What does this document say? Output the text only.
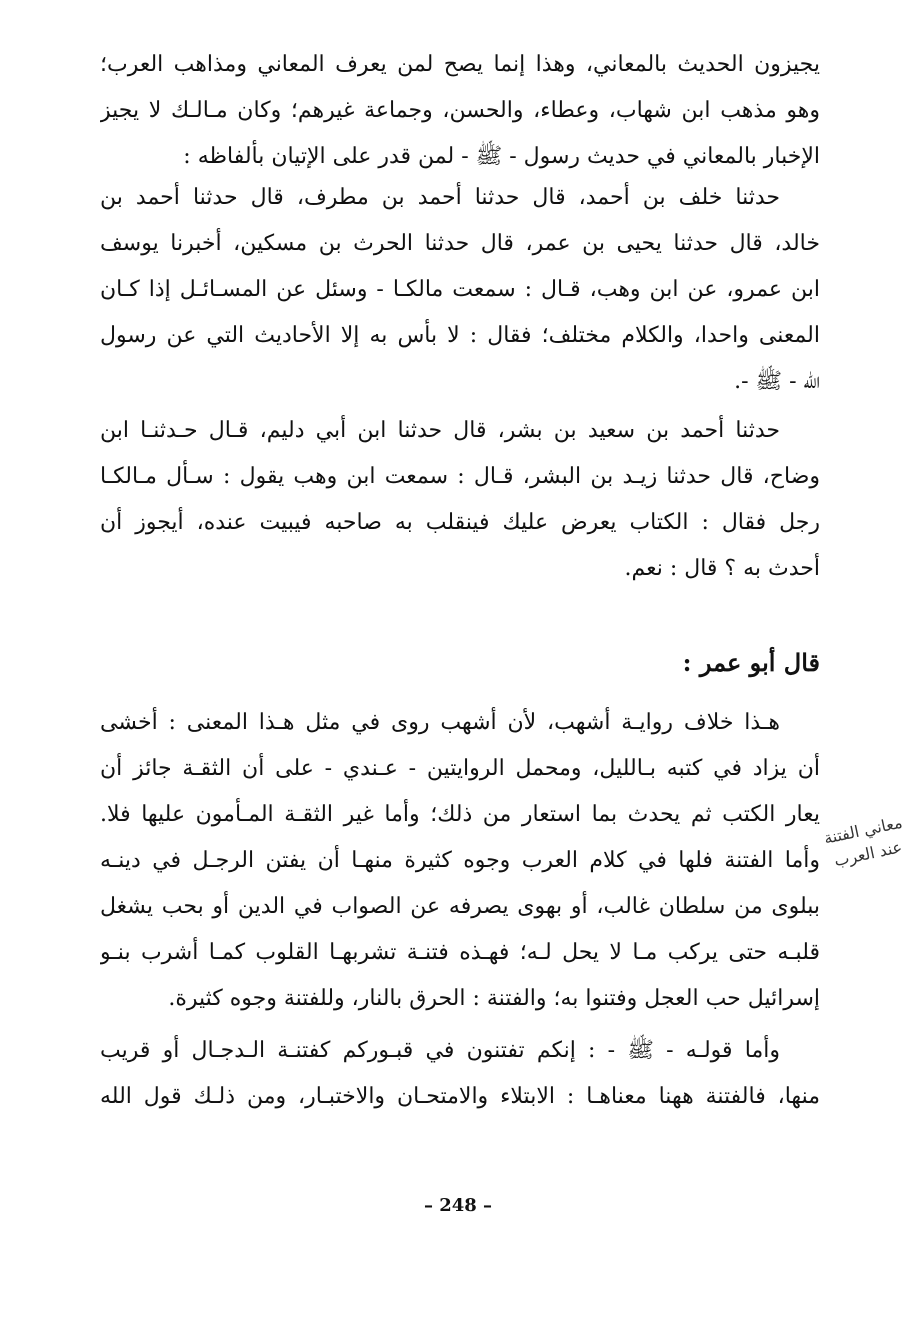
يجيزون الحديث بالمعاني، وهذا إنما يصح لمن يعرف المعاني ومذاهب العرب؛
وهو مذهب ابن شهاب، وعطاء، والحسن، وجماعة غيرهم؛ وكان مـالـك لا يجيز
الإخبار بالمعاني في حديث رسول - ﷺ - لمن قدر على الإتيان بألفاظه :
حدثنا خلف بن أحمد، قال حدثنا أحمد بن مطرف، قال حدثنا أحمد بن
خالد، قال حدثنا يحيى بن عمر، قال حدثنا الحرث بن مسكين، أخبرنا يوسف
ابن عمرو، عن ابن وهب، قـال : سمعت مالكـا - وسئل عن المسـائـل إذا كـان
المعنى واحدا، والكلام مختلف؛ فقال : لا بأس به إلا الأحاديث التي عن رسول
الله - ﷺ -.
حدثنا أحمد بن سعيد بن بشر، قال حدثنا ابن أبي دليم، قـال حـدثنـا ابن
وضاح، قال حدثنا زيـد بن البشر، قـال : سمعت ابن وهب يقول : سـأل مـالكـا
رجل فقال : الكتاب يعرض عليك فينقلب به صاحبه فيبيت عنده، أيجوز أن
أحدث به ؟ قال : نعم.
قال أبو عمر :
هـذا خلاف روايـة أشهب، لأن أشهب روى في مثل هـذا المعنى : أخشى
أن يزاد في كتبه بـالليل، ومحمل الروايتين - عـندي - على أن الثقـة جائز أن
يعار الكتب ثم يحدث بما استعار من ذلك؛ وأما غير الثقـة المـأمون عليها فلا.
وأما الفتنة فلها في كلام العرب وجوه كثيرة منهـا أن يفتن الرجـل في دينـه
ببلوى من سلطان غالب، أو بهوى يصرفه عن الصواب في الدين أو بحب يشغل
قلبـه حتى يركب مـا لا يحل لـه؛ فهـذه فتنـة تشربهـا القلوب كمـا أشرب بنـو
إسرائيل حب العجل وفتنوا به؛ والفتنة : الحرق بالنار، وللفتنة وجوه كثيرة.
وأما قولـه - ﷺ - : إنكم تفتنون في قبـوركم كفتنـة الـدجـال أو قريب
منها، فالفتنة ههنا معناهـا : الابتلاء والامتحـان والاختبـار، ومن ذلـك قول الله
معاني الفتنة عند العرب
– 248 –
